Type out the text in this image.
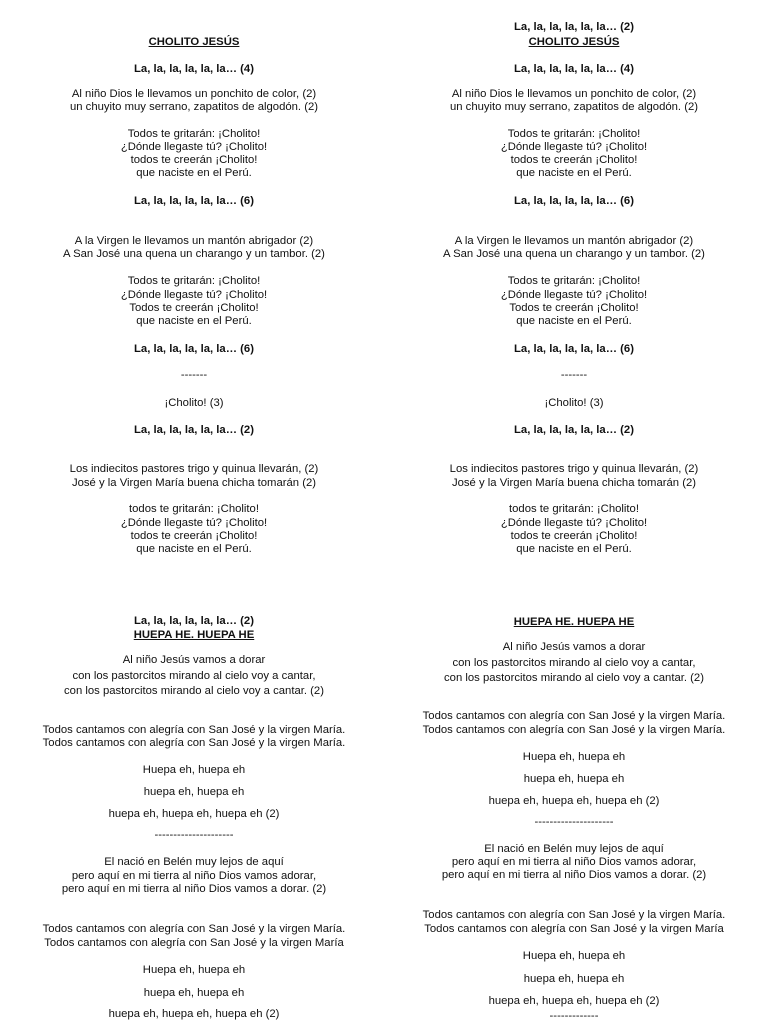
CHOLITO JESÚS
La, la, la, la, la, la… (4)
Al niño Dios le llevamos un ponchito de color, (2)
un chuyito muy serrano, zapatitos de algodón. (2)
Todos te gritarán: ¡Cholito!
¿Dónde llegaste tú? ¡Cholito!
todos te creerán ¡Cholito!
que naciste en el Perú.
La, la, la, la, la, la… (6)
A la Virgen le llevamos un mantón abrigador (2)
A San José una quena un charango y un tambor. (2)
Todos te gritarán: ¡Cholito!
¿Dónde llegaste tú? ¡Cholito!
Todos te creerán ¡Cholito!
que naciste en el Perú.
La, la, la, la, la, la… (6)
-------
¡Cholito! (3)
La, la, la, la, la, la… (2)
Los indiecitos pastores trigo y quinua llevarán, (2)
José y la Virgen María buena chicha tomarán (2)
todos te gritarán: ¡Cholito!
¿Dónde llegaste tú? ¡Cholito!
todos te creerán ¡Cholito!
que naciste en el Perú.
La, la, la, la, la, la… (2)
HUEPA HE. HUEPA HE
Al niño Jesús vamos a dorar
con los pastorcitos mirando al cielo voy a cantar,
con los pastorcitos mirando al cielo voy a cantar. (2)
Todos cantamos con alegría con San José y la virgen María.
Todos cantamos con alegría con San José y la virgen María.
Huepa eh, huepa eh
huepa eh, huepa eh
huepa eh, huepa eh, huepa eh (2)
---------------------
El nació en Belén muy lejos de aquí
pero aquí en mi tierra al niño Dios vamos adorar,
pero aquí en mi tierra al niño Dios vamos a dorar. (2)
Todos cantamos con alegría con San José y la virgen María.
Todos cantamos con alegría con San José y la virgen María
Huepa eh, huepa eh
huepa eh, huepa eh
huepa eh, huepa eh, huepa eh (2)
La, la, la, la, la, la… (2)
CHOLITO JESÚS
La, la, la, la, la, la… (4)
Al niño Dios le llevamos un ponchito de color, (2)
un chuyito muy serrano, zapatitos de algodón. (2)
Todos te gritarán: ¡Cholito!
¿Dónde llegaste tú? ¡Cholito!
todos te creerán ¡Cholito!
que naciste en el Perú.
La, la, la, la, la, la… (6)
A la Virgen le llevamos un mantón abrigador (2)
A San José una quena un charango y un tambor. (2)
Todos te gritarán: ¡Cholito!
¿Dónde llegaste tú? ¡Cholito!
Todos te creerán ¡Cholito!
que naciste en el Perú.
La, la, la, la, la, la… (6)
-------
¡Cholito! (3)
La, la, la, la, la, la… (2)
Los indiecitos pastores trigo y quinua llevarán, (2)
José y la Virgen María buena chicha tomarán (2)
todos te gritarán: ¡Cholito!
¿Dónde llegaste tú? ¡Cholito!
todos te creerán ¡Cholito!
que naciste en el Perú.
HUEPA HE. HUEPA HE
Al niño Jesús vamos a dorar
con los pastorcitos mirando al cielo voy a cantar,
con los pastorcitos mirando al cielo voy a cantar. (2)
Todos cantamos con alegría con San José y la virgen María.
Todos cantamos con alegría con San José y la virgen María.
Huepa eh, huepa eh
huepa eh, huepa eh
huepa eh, huepa eh, huepa eh (2)
---------------------
El nació en Belén muy lejos de aquí
pero aquí en mi tierra al niño Dios vamos adorar,
pero aquí en mi tierra al niño Dios vamos a dorar. (2)
Todos cantamos con alegría con San José y la virgen María.
Todos cantamos con alegría con San José y la virgen María
Huepa eh, huepa eh
huepa eh, huepa eh
huepa eh, huepa eh, huepa eh (2)
-------------
